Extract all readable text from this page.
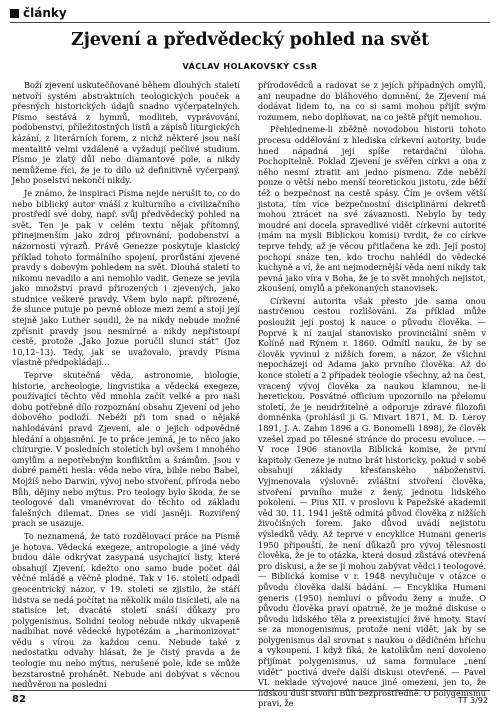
články
Zjevení a předvědecký pohled na svět
VÁCLAV HOLAKOVSKÝ CSsR

Boží zjevení uskutečňované během dlouhých staletí netvoří systém abstraktních teologických pouček a přesných historických údajů snadno vyčerpatelných. Písmo sestává z hymnů, modliteb, vyprávování, podobenství, příležitostných listů a zápisů liturgických kázání, z literárních forem, z nichž některé jsou naší mentalitě velmi vzdálené a vyžadují pečlivé studium. Písmo je zlatý důl nebo diamantové pole, a nikdy nemůžeme říci, že je to dílo už definitivně vyčerpaný. Jeho poselství nekončí nikdy.

Je známo, že inspiraci Písma nejde nerušit to, co do nebo biblický autor vnáší z kulturního a civilizačního prostředí své doby, např. svůj předvědecký pohled na svět. Ten je pak v celém textu nějak přítomný, přinejmenším jako zdroj přirovnání, podobenství a názorností výrazů. Právě Genezze poskytuje klasický příklad tohoto formálního spojení, prorůstání zjevené pravdy s dobovým pohledem na svět. Dlouhá staletí to nikomu nevadilo a ani nemohlo vadit. Geneze se jevila jako množství pravd přirozených i zjevených, jako studnice veškeré pravdy. Všem bylo např. přirozené, že slunce putuje po pevné obloze mezi zemí a stojí její stejně jako Luther soudil, že na nikdy nebude možné zpřísnit pravdy jsou nesmírné a nikdy nepřistoupí cestě, protože „Jako Jozue poručil slunci stát“ (Joz 10,12–13). Tedy, jak se uvažovalo, pravdy Písma vlastně předpokládají...

Teprve skutečná věda, astronomie, biologie, historie, archeologie, lingvistika a vědecká exegeze, používající těchto věd mnohla začít velké a pro naši dobu potřebné dílo rozpoznání obsahu Zjevení od jeho dobového podloží. Nebéží při tom snad o nějaké nahlodávání pravd Zjevení, ale o jejich odpovědné hledání a objasnění. Je to práce jemná, je to něco jako chirurgie. V posledních stoletích byl ovšem i mnohého omylům a nepotřebným konfliktům a šrámům. Jsou v dobré paměti hesla: věda nebo víra, bible nebo Babel, Mojžíš nebo Darwin, vývoj nebo stvoření, příroda nebo Bůh, dějiny nebo mýtus. Pro teology bylo škoda, že se teologové dali vmanévrovat do těchto od základu falešných dilemat. Dnes se vidí jasněji. Rozvířený prach se usazuje.

To neznamená, že tato rozdělovací práce na Písmě je hotova. Vědecká exegeze, antropologie a jiné vědy budou dále odkrývat zasypaná usychající listy, které obsahují Zjevení, kdežto ono samo bude počet dál věčné mládě a věčně plodné. Tak v 16. století odpadl geocentrický názor, v 19. století se zjistilo, že stáří lidstva se nedá počítat na několik málo tisíciletí, ale na statisíce let, dvacáté století snáší důkazy pro polygenismus. Solidní teolog nebude nikdy ukvapeně nadbíhat nové vědecké hypotézám a „harmonizovat“ vědu s vírou za každou cenu. Nebude také z nedostatku odvahy hlásat, že je čistý pravda a že teologie mu nebo mýtus, nerušené pole, kde se může bezstarostně prohánět. Nebude ani dobývat s věcnou nedůvěrou na poslední

přírodovědců a radovat se z jejích případných omylů, ani neupadne do bláhového domnění, že Zjevení má dodávat lidem to, na co si sami mohou přijít svým rozumem, nebo doplňovat, na co ještě přijít nemohou.

Přehledneme-li zběžně novodobou historii tohoto procesu oddělování z hlediska církevní autority, bude hned nápadná její spíše retardační úloha. Pochopitelně. Poklad Zjevení je svěřen církvi a ona z něho nesmí ztratit ani jedno písmeno. Zde neběží pouze o větší nebo menší teoretickou jistotu, zde běží též o bezpečnost na cestě spásy. Čím je ovšem větší jistota, tím více bezpečnostní disciplinární dekretů mohou ztrácet na své závaznosti. Nebylo by tedy moudré ani docela spravedlivé vidět církevní autorité (mám na mysli Biblickou komisi) tvrdit, že co církve teprve tehdy, až je věcou přitlačena ke zdi. Její postoj pochopí snáze ten, kdo trochu nahlédl do vědecké kuchyně a ví, že ani nejmodernější věda není nikdy tak pevná jako víra v Boha, že je to svět mnohých nejistot, zkoušení, omylů a překonaných stanovisek.

Církevní autorita však přesto jde sama onou nastrčenou cestou rozlišování. Za příklad může posloužit její postoj k nauce o původu člověka. — Poprvé k ní zaujal stanovisko provinciální sněm v Kolíně nad Rýnem r. 1860. Odmítl nauku, že by se člověk vyvinul z nižších forem, a názor, že všichni nepocházejí od Adama jako prvního člověka. Až do konce století a 2 případek teologie všechny, až na čest, vracený vývoj člověka za naukou klamnou, ne-li heretickou. Posvátné officium upozornilo na přelomu století, že je neudržitelné a odporuje zdravé filozofii domněnka (prohlásil ji G. Mivart 1871, M. D. Leroy 1891, J. A. Zahm 1896 a G. Bonomelli 1898), že člověk vzešel zpad po tělesné stránce do procesu evoluce. — V roce 1906 stanovila Biblická komise, že první kapitoly Geneze je nutno brát historicky, pokud v sobě obsahují základy křesťanského náboženství. Vyjmenovala výslovně: zvláštní stvoření člověka, stvoření prvního muže z ženy, jednotu lidského pokolení. — Pius XII. v proslovu k Papežské akademii věd 30. 11. 1941 ještě odmítá původ člověka z nižších živočišných forem. Jako důvod uvádí nejistotu výsledků vědy. Až teprve v encyklice Humani generis 1950 připouští, že není důkazů pro vývoj tělesnosti člověka, že je to otázka, která dosud zůstává otevřená pro diskusi, a že se jí mohou zabývat vědci i teologové. — Biblická komise v r. 1948 nevylučuje v otázce o původu člověka další bádání. — Encyklika Humani generis (1950) nemluví o původu ženy a muže. O původu člověka praví opatrně, že je možné diskuse o původu lidského těla z preexistující živé hmoty. Staví se za monogenismus, protože není vidět, jak by se polygenismus dal srovnat s naukou o dědičném hříchu a vykoupení. I když fíká, že katolíkům není dovoleno přijímat polygenismus, už sama formulace „není vidět“ poctivá dveře další diskusi otevřené. — Pavel VI. neklade vývojové nauce jiné omezení, jen to, že lidskou duši stvořil Bůh bezprostředně. O polygenismu pravi, že

82	TT 3/92
